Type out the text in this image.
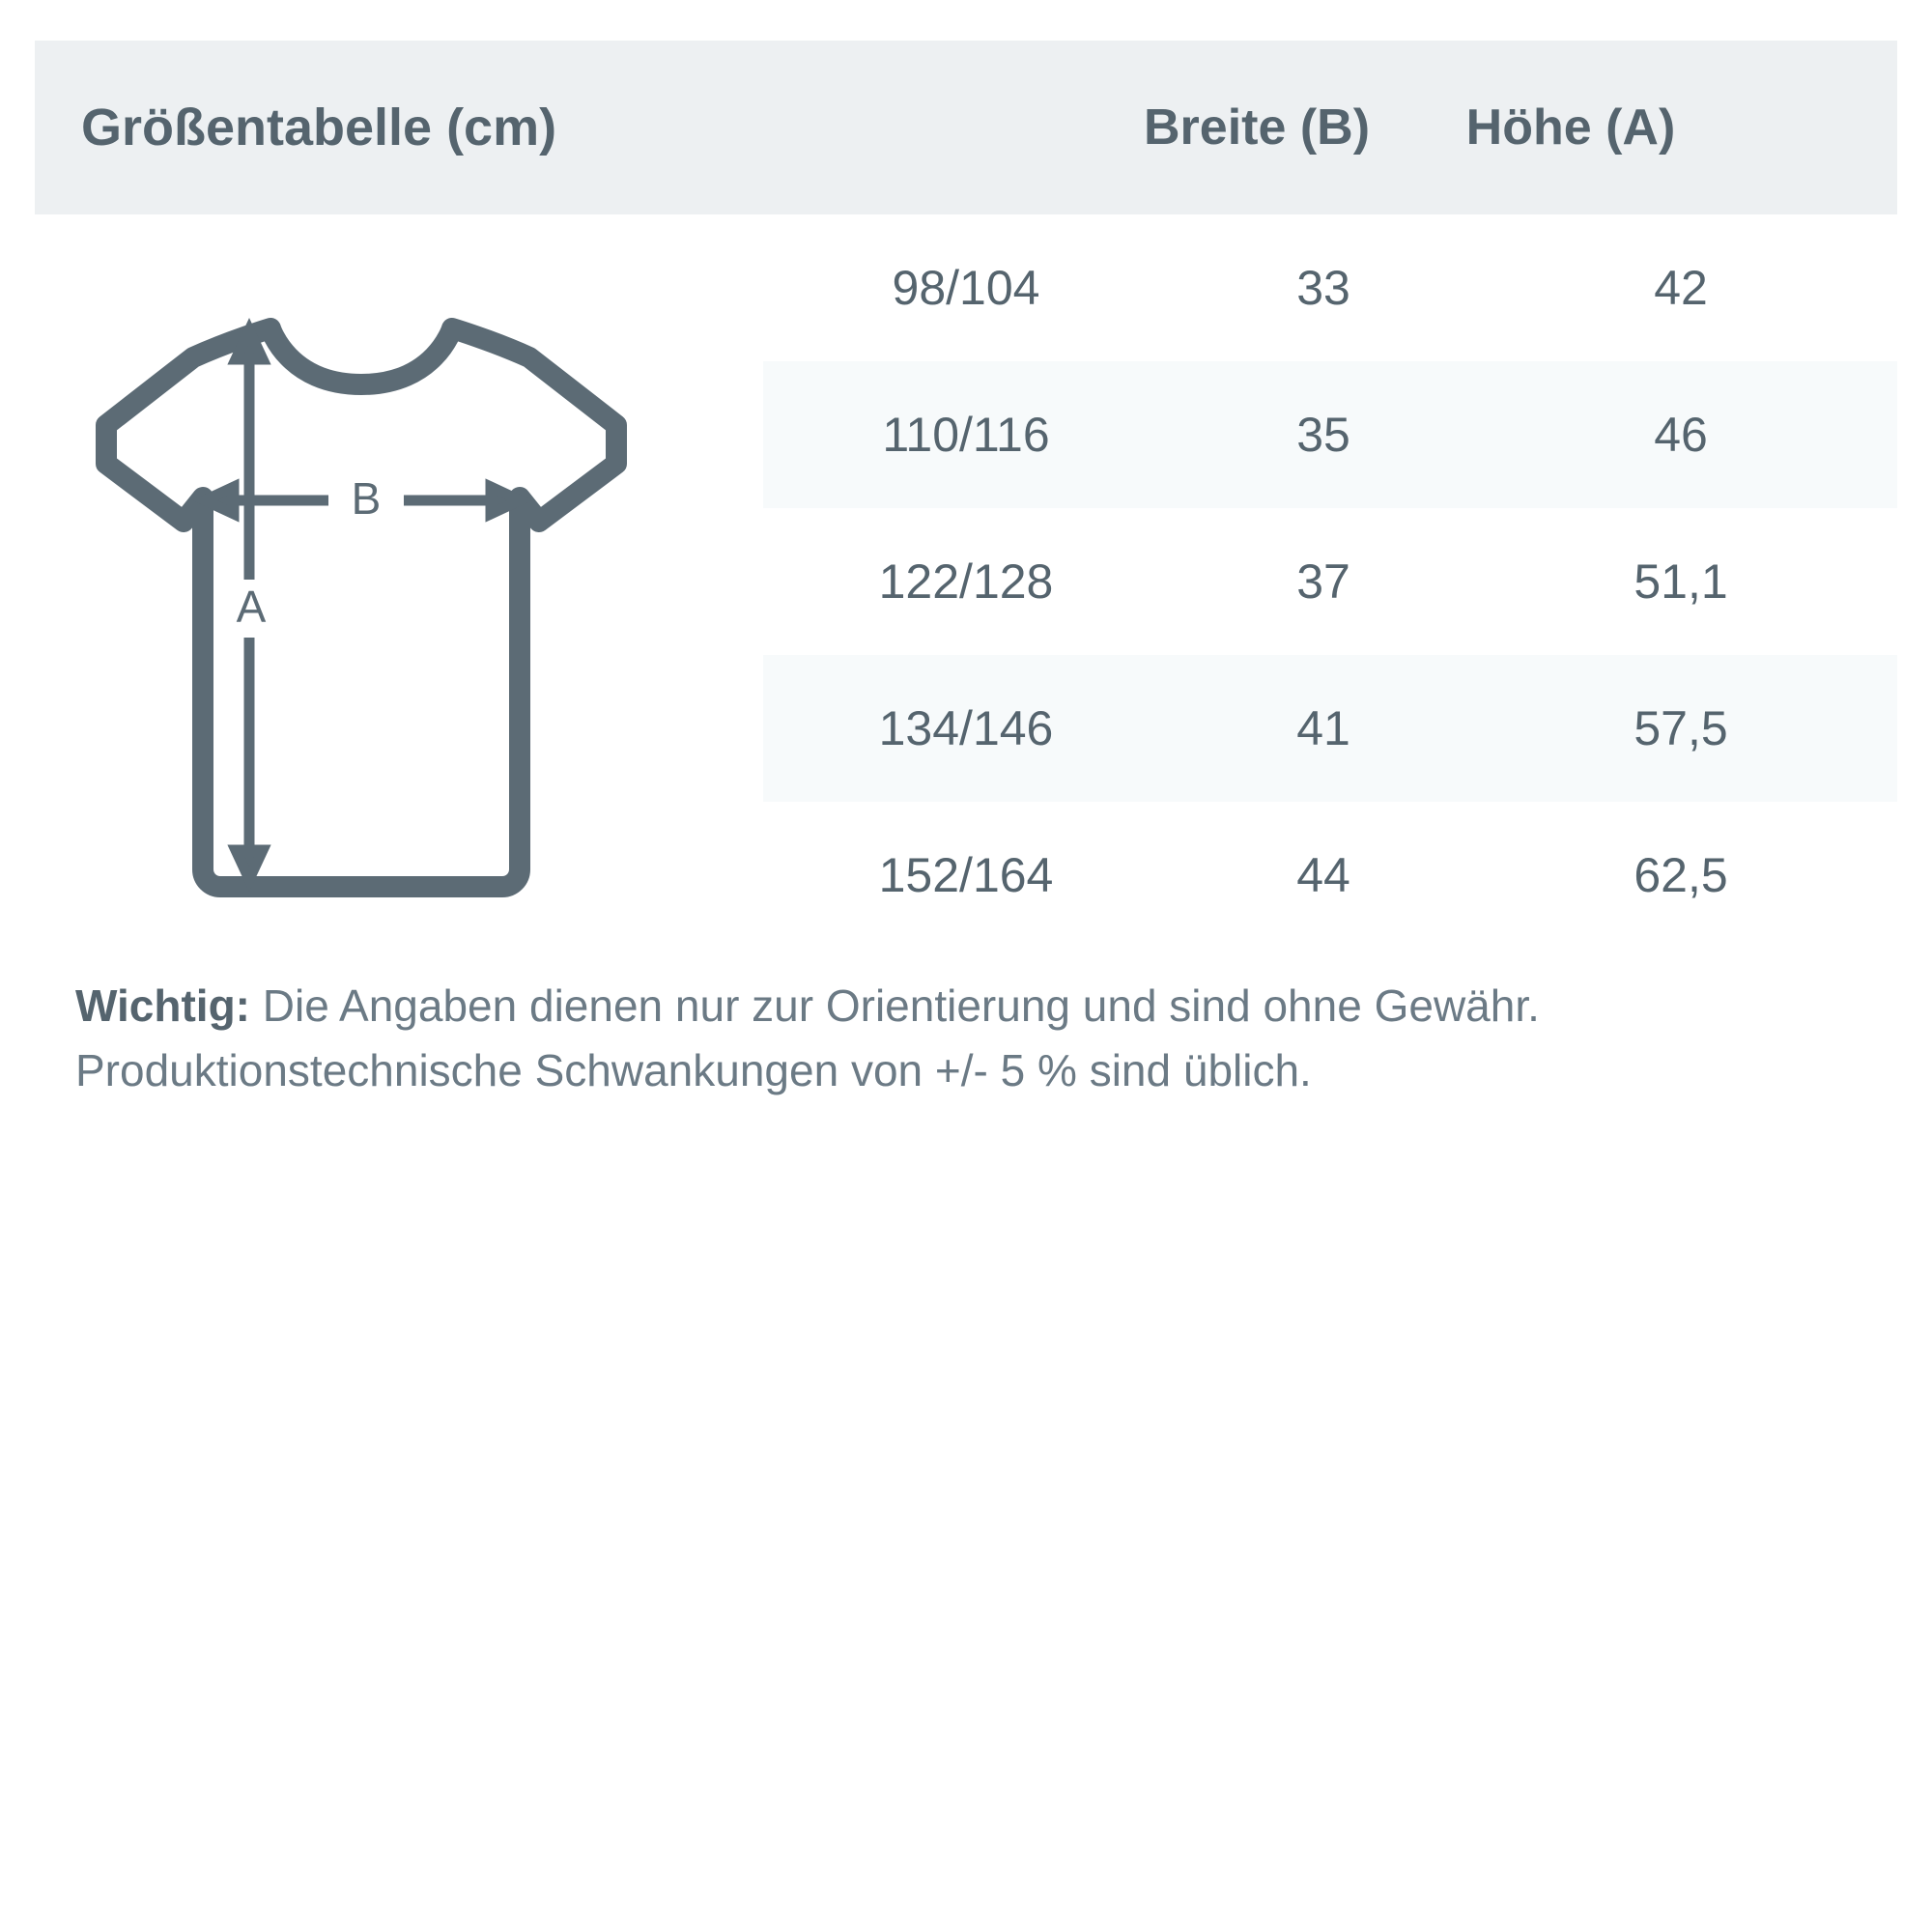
Größentabelle (cm)	Breite (B)	Höhe (A)
B
A
98/104	33	42
110/116	35	46
122/128	37	51,1
134/146	41	57,5
152/164	44	62,5
Wichtig: Die Angaben dienen nur zur Orientierung und sind ohne Gewähr. Produktionstechnische Schwankungen von +/- 5 % sind üblich.
